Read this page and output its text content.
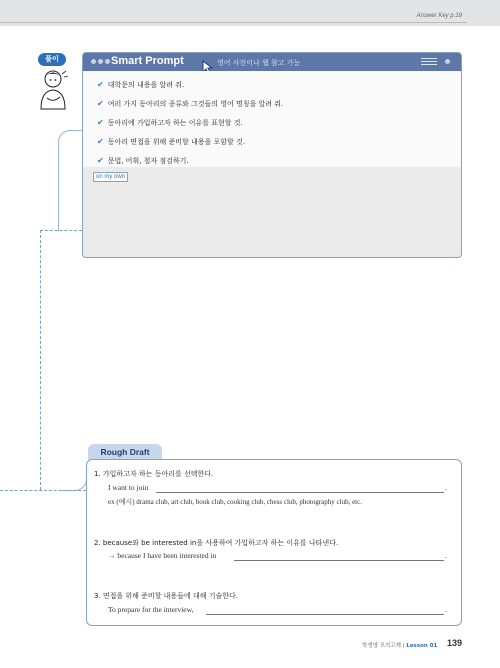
Answer Key p.19
풀이	Smart Prompt	영어 사전이나 웹 참고 가능
✔ 대학문의 내용을 알려 줘.
✔ 여러 가지 동아리의 종류와 그것들의 영어 명칭을 알려 줘.
✔ 동아리에 가입하고자 하는 이유를 표현할 것.
✔ 동아리 면접을 위해 준비할 내용을 포함할 것.
✔ 문법, 어휘, 철자 점검하기.
on my own
Rough Draft
1. 가입하고자 하는 동아리를 선택한다.
I want to join	.
ex (예시) drama club, art club, book club, cooking club, chess club, photography club, etc.
2. because와 be interested in을 사용하여 가입하고자 하는 이유를 나타낸다.
→ because I have been interested in	.
3. 면접을 위해 준비할 내용들에 대해 기술한다.
To prepare for the interview,	.
학생영 모의고재 | Lesson 01 139
